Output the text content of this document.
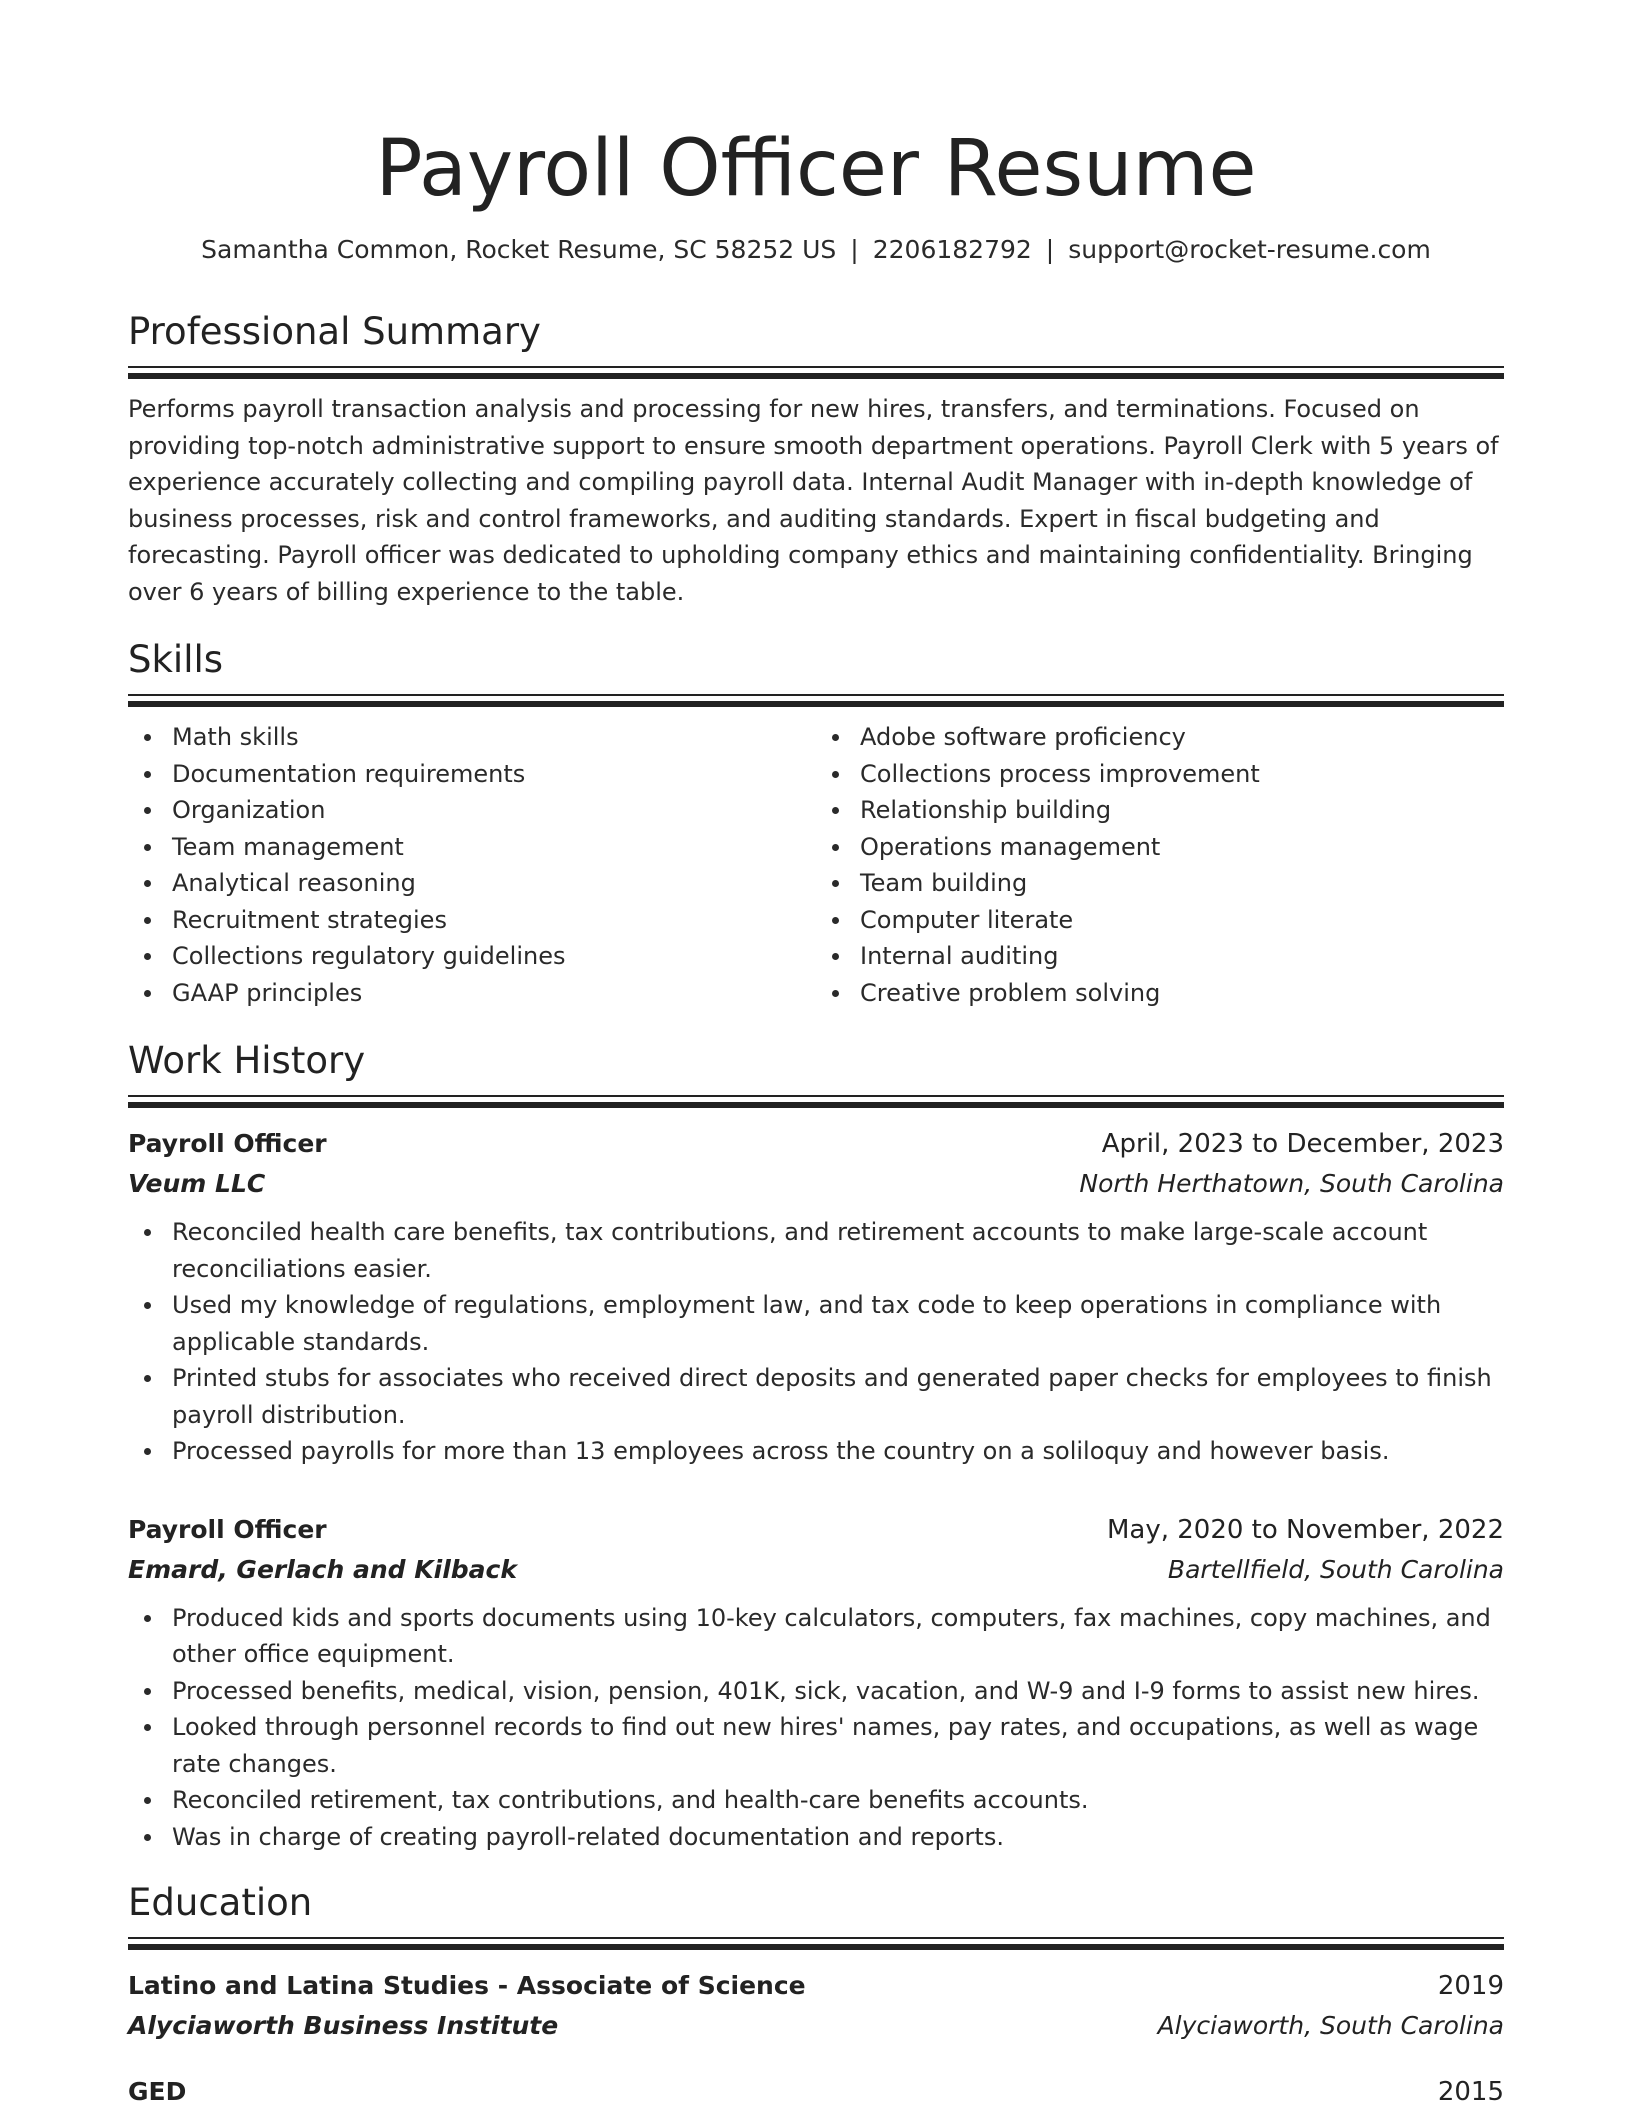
Payroll Officer Resume
Samantha Common, Rocket Resume, SC 58252 US | 2206182792 | support@rocket-resume.com
Professional Summary

Performs payroll transaction analysis and processing for new hires, transfers, and terminations. Focused on providing top-notch administrative support to ensure smooth department operations. Payroll Clerk with 5 years of experience accurately collecting and compiling payroll data. Internal Audit Manager with in-depth knowledge of business processes, risk and control frameworks, and auditing standards. Expert in fiscal budgeting and forecasting. Payroll officer was dedicated to upholding company ethics and maintaining confidentiality. Bringing over 6 years of billing experience to the table.

Skills
Math skills
Documentation requirements
Organization
Team management
Analytical reasoning
Recruitment strategies
Collections regulatory guidelines
GAAP principles
Adobe software proficiency
Collections process improvement
Relationship building
Operations management
Team building
Computer literate
Internal auditing
Creative problem solving
Work History
Payroll Officer	April, 2023 to December, 2023
Veum LLC	North Herthatown, South Carolina
Reconciled health care benefits, tax contributions, and retirement accounts to make large-scale account reconciliations easier.
Used my knowledge of regulations, employment law, and tax code to keep operations in compliance with applicable standards.
Printed stubs for associates who received direct deposits and generated paper checks for employees to finish payroll distribution.
Processed payrolls for more than 13 employees across the country on a soliloquy and however basis.
Payroll Officer	May, 2020 to November, 2022
Emard, Gerlach and Kilback	Bartellfield, South Carolina
Produced kids and sports documents using 10-key calculators, computers, fax machines, copy machines, and other office equipment.
Processed benefits, medical, vision, pension, 401K, sick, vacation, and W-9 and I-9 forms to assist new hires.
Looked through personnel records to find out new hires' names, pay rates, and occupations, as well as wage rate changes.
Reconciled retirement, tax contributions, and health-care benefits accounts.
Was in charge of creating payroll-related documentation and reports.
Education
Latino and Latina Studies - Associate of Science	2019
Alyciaworth Business Institute	Alyciaworth, South Carolina
GED	2015
